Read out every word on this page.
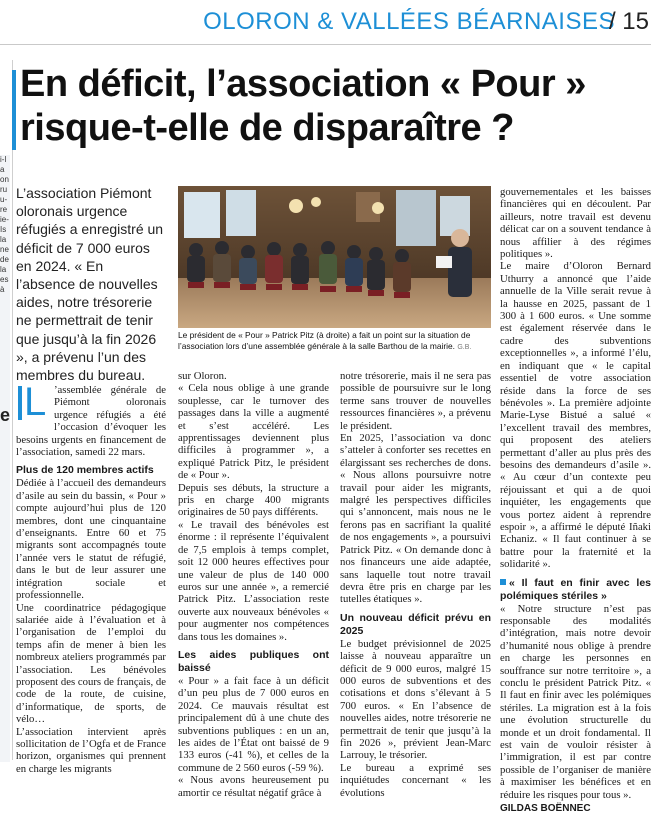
OLORON & VALLÉES BÉARNAISES
/ 15
i-la on ru u- re ie- Is la ne de la es à
e
En déficit, l’association « Pour » risque-t-elle de disparaître ?
L’association Piémont oloronais urgence réfugiés a enregistré un déficit de 7 000 euros en 2024. « En l’absence de nouvelles aides, notre trésorerie ne permettrait de tenir que jusqu’à la fin 2026 », a prévenu l’un des membres du bureau.
Le président de « Pour » Patrick Pitz (à droite) a fait un point sur la situation de l’association lors d’une assemblée générale à la salle Barthou de la mairie. G.B.
L ’assemblée générale de Piémont oloronais urgence réfugiés a été l’occasion d’évoquer les besoins urgents en financement de l’association, samedi 22 mars.

Plus de 120 membres actifs

Dédiée à l’accueil des demandeurs d’asile au sein du bassin, « Pour » compte aujourd’hui plus de 120 membres, dont une cinquantaine d’enseignants. Entre 60 et 75 migrants sont accompagnés toute l’année vers le statut de réfugié, dans le but de leur assurer une intégration sociale et professionnelle.

Une coordinatrice pédagogique salariée aide à l’évaluation et à l’organisation de l’emploi du temps afin de mener à bien les nombreux ateliers programmés par l’association. Les bénévoles proposent des cours de français, de code de la route, de cuisine, d’informatique, de sports, de vélo…

L’association intervient après sollicitation de l’Ogfa et de France horizon, organismes qui prennent en charge les migrants

sur Oloron.

« Cela nous oblige à une grande souplesse, car le turnover des passages dans la ville a augmenté et s’est accéléré. Les apprentissages deviennent plus difficiles à programmer », a expliqué Patrick Pitz, le président de « Pour ».

Depuis ses débuts, la structure a pris en charge 400 migrants originaires de 50 pays différents.

« Le travail des bénévoles est énorme : il représente l’équivalent de 7,5 emplois à temps complet, soit 12 000 heures effectives pour une valeur de plus de 140 000 euros sur une année », a remercié Patrick Pitz. L’association reste ouverte aux nouveaux bénévoles « pour augmenter nos compétences dans tous les domaines ».

Les aides publiques ont baissé

« Pour » a fait face à un déficit d’un peu plus de 7 000 euros en 2024. Ce mauvais résultat est principalement dû à une chute des subventions publiques : en un an, les aides de l’État ont baissé de 9 133 euros (-41 %), et celles de la commune de 2 560 euros (-59 %).

« Nous avons heureusement pu amortir ce résultat négatif grâce à

notre trésorerie, mais il ne sera pas possible de poursuivre sur le long terme sans trouver de nouvelles ressources financières », a prévenu le président.

En 2025, l’association va donc s’atteler à conforter ses recettes en élargissant ses recherches de dons. « Nous allons poursuivre notre travail pour aider les migrants, malgré les perspectives difficiles qui s’annoncent, mais nous ne le ferons pas en sacrifiant la qualité de nos engagements », a poursuivi Patrick Pitz. « On demande donc à nos financeurs une aide adaptée, sans laquelle tout notre travail devra être pris en charge par les tutelles étatiques ».

Un nouveau déficit prévu en 2025

Le budget prévisionnel de 2025 laisse à nouveau apparaître un déficit de 9 000 euros, malgré 15 000 euros de subventions et des cotisations et dons s’élevant à 5 700 euros. « En l’absence de nouvelles aides, notre trésorerie ne permettrait de tenir que jusqu’à la fin 2026 », prévient Jean-Marc Larrouy, le trésorier.

Le bureau a exprimé ses inquiétudes concernant « les évolutions

gouvernementales et les baisses financières qui en découlent. Par ailleurs, notre travail est devenu délicat car on a souvent tendance à nous affilier à des régimes politiques ».

Le maire d’Oloron Bernard Uthurry a annoncé que l’aide annuelle de la Ville serait revue à la hausse en 2025, passant de 1 300 à 1 600 euros. « Une somme est également réservée dans le cadre des subventions exceptionnelles », a informé l’élu, en indiquant que « le capital essentiel de votre association réside dans la force de ses bénévoles ». La première adjointe Marie-Lyse Bistué a salué « l’excellent travail des membres, qui proposent des ateliers permettant d’aller au plus près des besoins des demandeurs d’asile ». « Au cœur d’un contexte peu réjouissant et qui a de quoi inquiéter, les engagements que vous portez aident à reprendre espoir », a affirmé le député Iñaki Echaniz. « Il faut continuer à se battre pour la fraternité et la solidarité ».

« Il faut en finir avec les polémiques stériles »

« Notre structure n’est pas responsable des modalités d’intégration, mais notre devoir d’humanité nous oblige à prendre en charge les personnes en souffrance sur notre territoire », a conclu le président Patrick Pitz. « Il faut en finir avec les polémiques stériles. La migration est à la fois une évolution structurelle du monde et un droit fondamental. Il est vain de vouloir résister à l’immigration, il est par contre possible de l’organiser de manière à maximiser les bénéfices et en réduire les risques pour tous ».

GILDAS BOËNNEC
